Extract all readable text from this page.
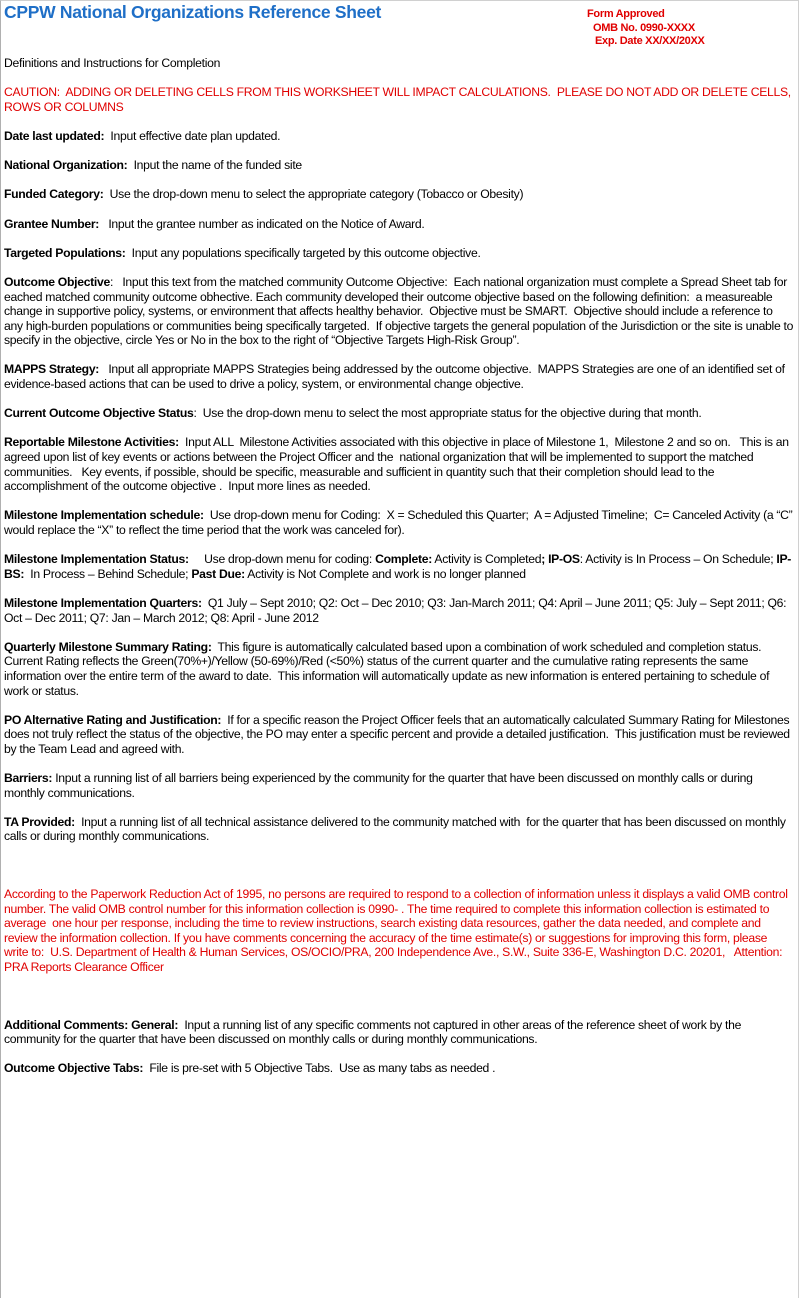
CPPW National Organizations Reference Sheet	Form Approved
OMB No. 0990-XXXX
Exp. Date XX/XX/20XX
Definitions and Instructions for Completion
CAUTION:  ADDING OR DELETING CELLS FROM THIS WORKSHEET WILL IMPACT CALCULATIONS.  PLEASE DO NOT ADD OR DELETE CELLS, ROWS OR COLUMNS
Date last updated:  Input effective date plan updated.
National Organization:  Input the name of the funded site
Funded Category:  Use the drop-down menu to select the appropriate category (Tobacco or Obesity)
Grantee Number:   Input the grantee number as indicated on the Notice of Award.
Targeted Populations:  Input any populations specifically targeted by this outcome objective.
Outcome Objective:   Input this text from the matched community Outcome Objective:  Each national organization must complete a Spread Sheet tab for eached matched community outcome obhective. Each community developed their outcome objective based on the following definition:  a measureable change in supportive policy, systems, or environment that affects healthy behavior.  Objective must be SMART.  Objective should include a reference to any high-burden populations or communities being specifically targeted.  If objective targets the general population of the Jurisdiction or the site is unable to specify in the objective, circle Yes or No in the box to the right of “Objective Targets High-Risk Group”.
MAPPS Strategy:   Input all appropriate MAPPS Strategies being addressed by the outcome objective.  MAPPS Strategies are one of an identified set of evidence-based actions that can be used to drive a policy, system, or environmental change objective.
Current Outcome Objective Status:  Use the drop-down menu to select the most appropriate status for the objective during that month.
Reportable Milestone Activities:  Input ALL  Milestone Activities associated with this objective in place of Milestone 1,  Milestone 2 and so on.   This is an agreed upon list of key events or actions between the Project Officer and the  national organization that will be implemented to support the matched communities.   Key events, if possible, should be specific, measurable and sufficient in quantity such that their completion should lead to the accomplishment of the outcome objective .  Input more lines as needed.
Milestone Implementation schedule:  Use drop-down menu for Coding:  X = Scheduled this Quarter;  A = Adjusted Timeline;  C= Canceled Activity (a “C” would replace the “X” to reflect the time period that the work was canceled for).
Milestone Implementation Status:     Use drop-down menu for coding: Complete: Activity is Completed; IP-OS: Activity is In Process – On Schedule; IP-BS:  In Process – Behind Schedule; Past Due: Activity is Not Complete and work is no longer planned
Milestone Implementation Quarters:  Q1 July – Sept 2010; Q2: Oct – Dec 2010; Q3: Jan-March 2011; Q4: April – June 2011; Q5: July – Sept 2011; Q6: Oct – Dec 2011; Q7: Jan – March 2012; Q8: April - June 2012
Quarterly Milestone Summary Rating:  This figure is automatically calculated based upon a combination of work scheduled and completion status.  Current Rating reflects the Green(70%+)/Yellow (50-69%)/Red (<50%) status of the current quarter and the cumulative rating represents the same information over the entire term of the award to date.  This information will automatically update as new information is entered pertaining to schedule of work or status.
PO Alternative Rating and Justification:  If for a specific reason the Project Officer feels that an automatically calculated Summary Rating for Milestones does not truly reflect the status of the objective, the PO may enter a specific percent and provide a detailed justification.  This justification must be reviewed by the Team Lead and agreed with.
Barriers: Input a running list of all barriers being experienced by the community for the quarter that have been discussed on monthly calls or during monthly communications.
TA Provided:  Input a running list of all technical assistance delivered to the community matched with  for the quarter that has been discussed on monthly calls or during monthly communications.
According to the Paperwork Reduction Act of 1995, no persons are required to respond to a collection of information unless it displays a valid OMB control number. The valid OMB control number for this information collection is 0990- . The time required to complete this information collection is estimated to average  one hour per response, including the time to review instructions, search existing data resources, gather the data needed, and complete and review the information collection. If you have comments concerning the accuracy of the time estimate(s) or suggestions for improving this form, please write to:  U.S. Department of Health & Human Services, OS/OCIO/PRA, 200 Independence Ave., S.W., Suite 336-E, Washington D.C. 20201,   Attention: PRA Reports Clearance Officer
Additional Comments: General:  Input a running list of any specific comments not captured in other areas of the reference sheet of work by the community for the quarter that have been discussed on monthly calls or during monthly communications.
Outcome Objective Tabs:  File is pre-set with 5 Objective Tabs.  Use as many tabs as needed .
